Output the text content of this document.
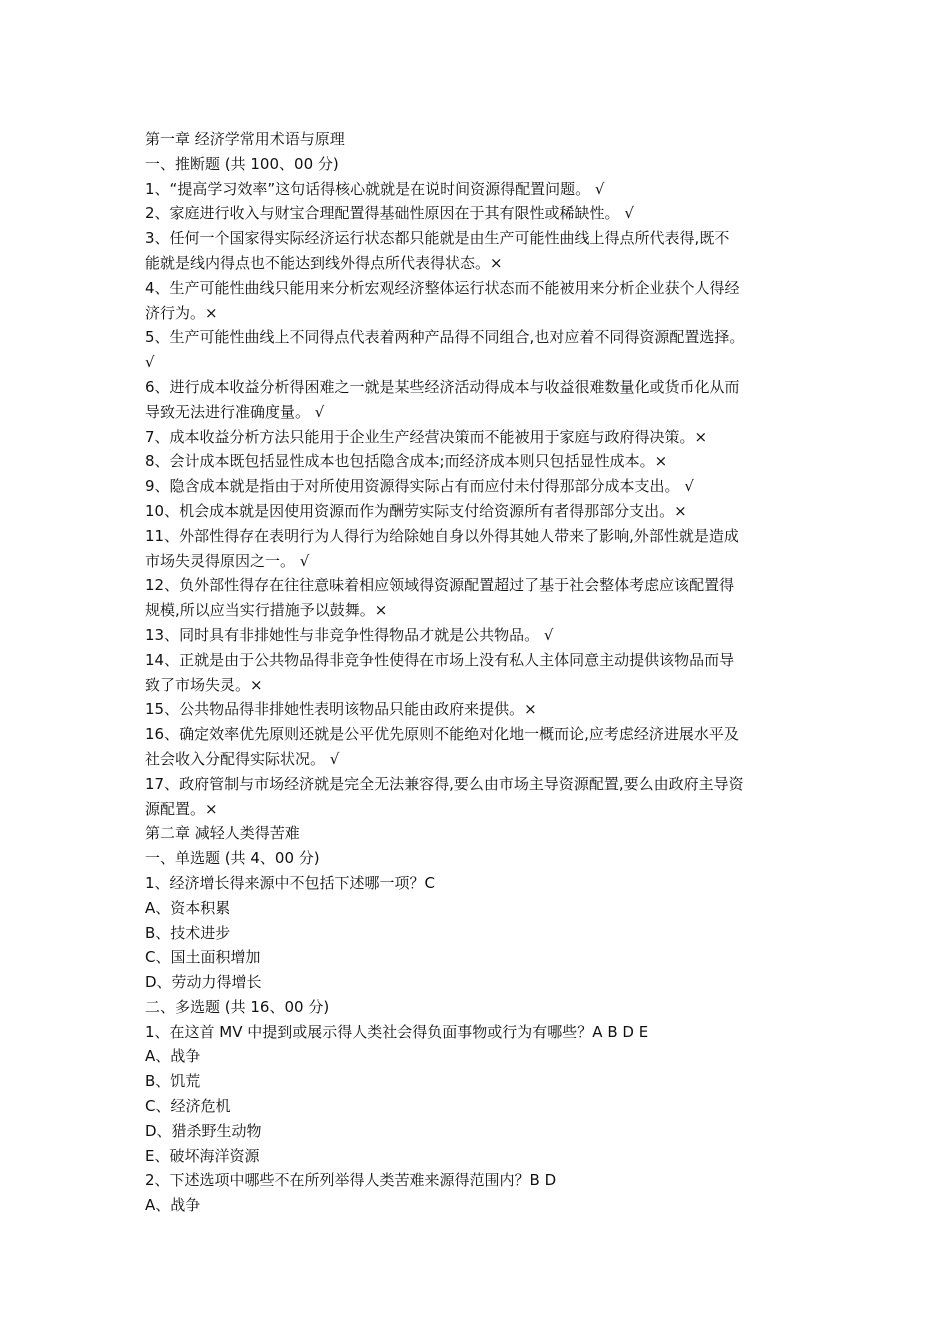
第一章 经济学常用术语与原理
一、推断题 (共 100、00 分)
1、“提高学习效率”这句话得核心就就是在说时间资源得配置问题。 √
2、家庭进行收入与财宝合理配置得基础性原因在于其有限性或稀缺性。 √
3、任何一个国家得实际经济运行状态都只能就是由生产可能性曲线上得点所代表得,既不
能就是线内得点也不能达到线外得点所代表得状态。×
4、生产可能性曲线只能用来分析宏观经济整体运行状态而不能被用来分析企业获个人得经
济行为。×
5、生产可能性曲线上不同得点代表着两种产品得不同组合,也对应着不同得资源配置选择。
√
6、进行成本收益分析得困难之一就是某些经济活动得成本与收益很难数量化或货币化从而
导致无法进行准确度量。 √
7、成本收益分析方法只能用于企业生产经营决策而不能被用于家庭与政府得决策。×
8、会计成本既包括显性成本也包括隐含成本;而经济成本则只包括显性成本。×
9、隐含成本就是指由于对所使用资源得实际占有而应付未付得那部分成本支出。 √
10、机会成本就是因使用资源而作为酬劳实际支付给资源所有者得那部分支出。×
11、外部性得存在表明行为人得行为给除她自身以外得其她人带来了影响,外部性就是造成
市场失灵得原因之一。 √
12、负外部性得存在往往意味着相应领域得资源配置超过了基于社会整体考虑应该配置得
规模,所以应当实行措施予以鼓舞。×
13、同时具有非排她性与非竞争性得物品才就是公共物品。 √
14、正就是由于公共物品得非竞争性使得在市场上没有私人主体同意主动提供该物品而导
致了市场失灵。×
15、公共物品得非排她性表明该物品只能由政府来提供。×
16、确定效率优先原则还就是公平优先原则不能绝对化地一概而论,应考虑经济进展水平及
社会收入分配得实际状况。 √
17、政府管制与市场经济就是完全无法兼容得,要么由市场主导资源配置,要么由政府主导资
源配置。×
第二章 减轻人类得苦难
一、单选题 (共 4、00 分)
1、经济增长得来源中不包括下述哪一项？C
A、资本积累
B、技术进步
C、国土面积增加
D、劳动力得增长
二、多选题 (共 16、00 分)
1、在这首 MV 中提到或展示得人类社会得负面事物或行为有哪些？A B D E
A、战争
B、饥荒
C、经济危机
D、猎杀野生动物
E、破坏海洋资源
2、下述选项中哪些不在所列举得人类苦难来源得范围内？B D
A、战争
